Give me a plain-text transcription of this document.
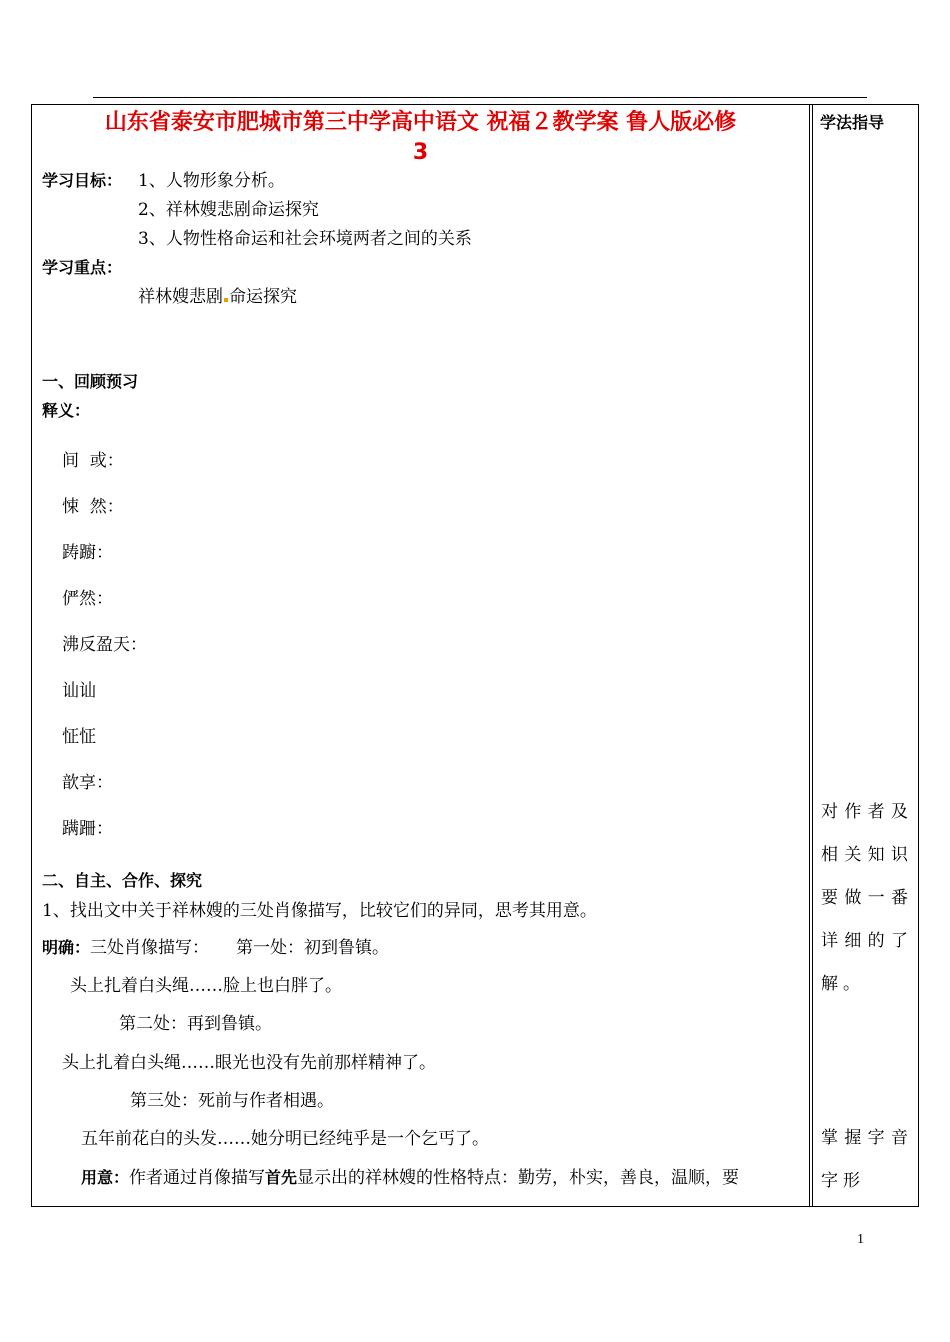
山东省泰安市肥城市第三中学高中语文 祝福２教学案 鲁人版必修
3
学习目标： 1、人物形象分析。
2、祥林嫂悲剧命运探究
3、人物性格命运和社会环境两者之间的关系
学习重点：
祥林嫂悲剧 命运探究
一、回顾预习
释义：
间  或：
悚  然：
踌躕：
俨然：
沸反盈天：
讪讪
怔怔
歆享：
蹒跚：
二、自主、合作、探究
1、找出文中关于祥林嫂的三处肖像描写，比较它们的异同，思考其用意。
明确：三处肖像描写：     第一处：初到鲁镇。
头上扎着白头绳……脸上也白胖了。
第二处：再到鲁镇。
头上扎着白头绳……眼光也没有先前那样精神了。
第三处：死前与作者相遇。
五年前花白的头发……她分明已经纯乎是一个乞丐了。
用意：作者通过肖像描写首先显示出的祥林嫂的性格特点：勤劳，朴实，善良，温顺，要
学法指导
对作者及相关知识要做一番详细的了解。
掌握字音字形
1
